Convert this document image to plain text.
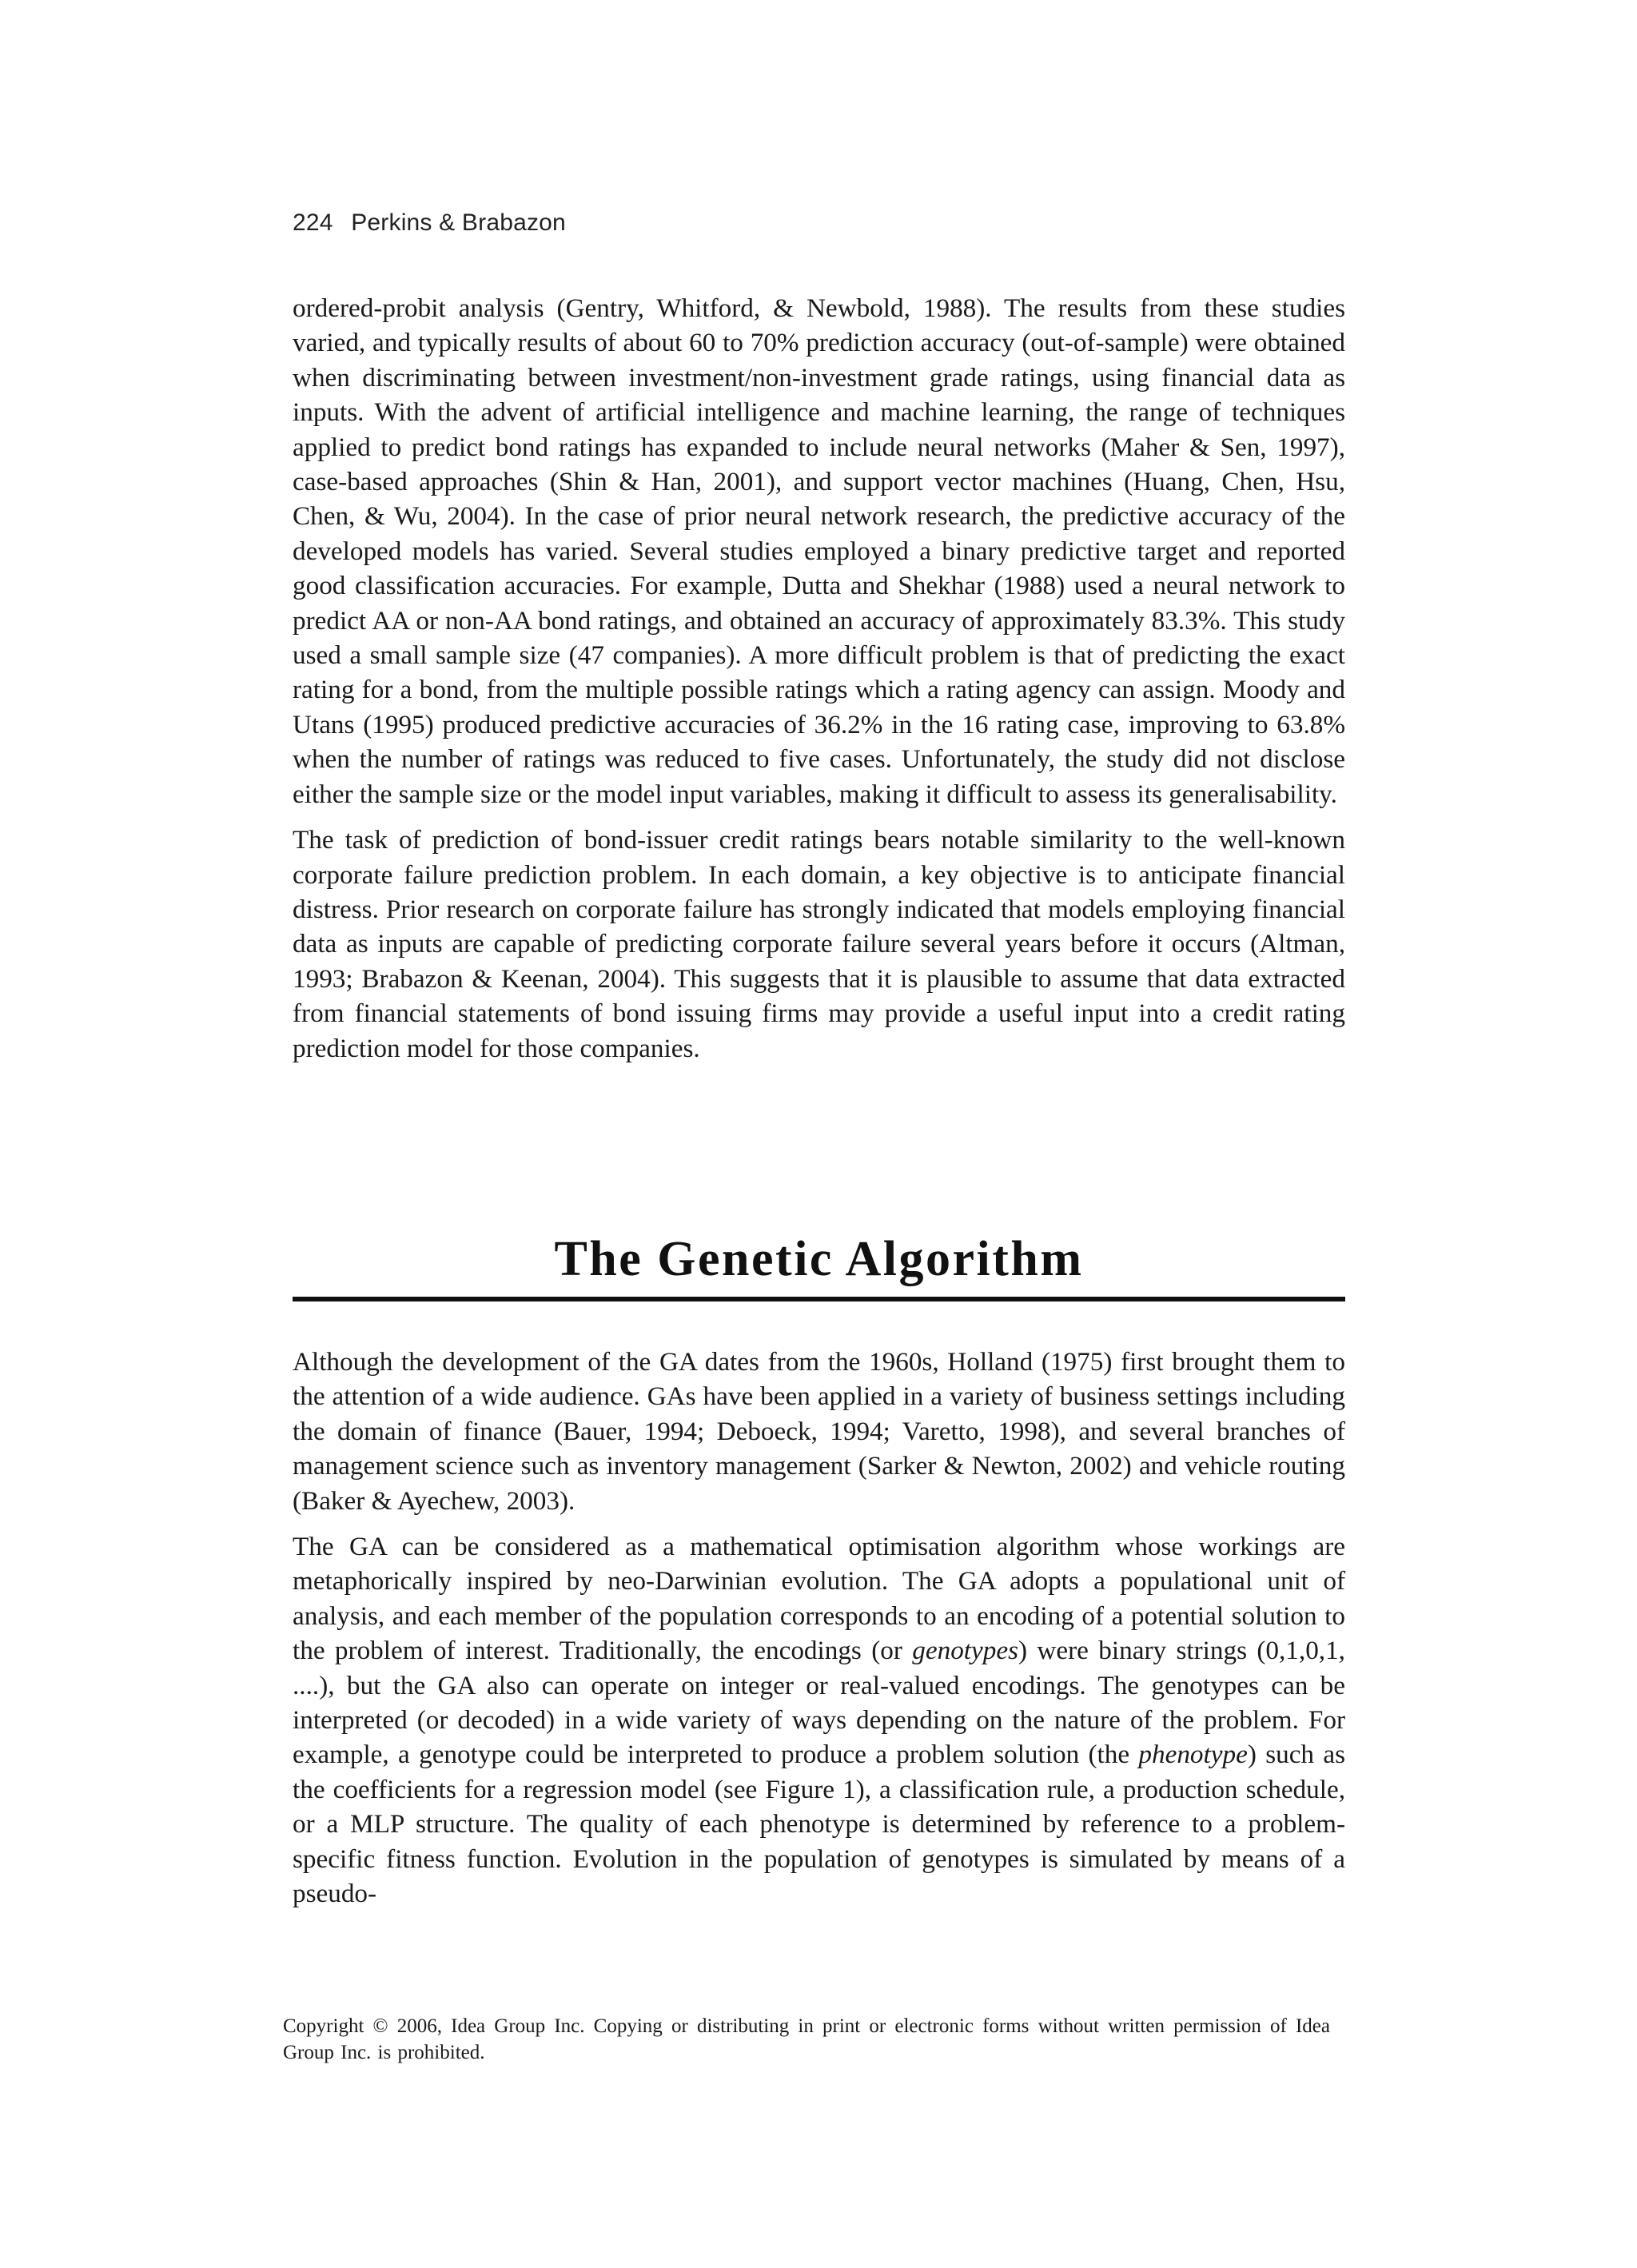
224 Perkins & Brabazon

ordered-probit analysis (Gentry, Whitford, & Newbold, 1988). The results from these studies varied, and typically results of about 60 to 70% prediction accuracy (out-of-sample) were obtained when discriminating between investment/non-investment grade ratings, using financial data as inputs. With the advent of artificial intelligence and machine learning, the range of techniques applied to predict bond ratings has expanded to include neural networks (Maher & Sen, 1997), case-based approaches (Shin & Han, 2001), and support vector machines (Huang, Chen, Hsu, Chen, & Wu, 2004). In the case of prior neural network research, the predictive accuracy of the developed models has varied. Several studies employed a binary predictive target and reported good classification accuracies. For example, Dutta and Shekhar (1988) used a neural network to predict AA or non-AA bond ratings, and obtained an accuracy of approximately 83.3%. This study used a small sample size (47 companies). A more difficult problem is that of predicting the exact rating for a bond, from the multiple possible ratings which a rating agency can assign. Moody and Utans (1995) produced predictive accuracies of 36.2% in the 16 rating case, improving to 63.8% when the number of ratings was reduced to five cases. Unfortunately, the study did not disclose either the sample size or the model input variables, making it difficult to assess its generalisability.

The task of prediction of bond-issuer credit ratings bears notable similarity to the well-known corporate failure prediction problem. In each domain, a key objective is to anticipate financial distress. Prior research on corporate failure has strongly indicated that models employing financial data as inputs are capable of predicting corporate failure several years before it occurs (Altman, 1993; Brabazon & Keenan, 2004). This suggests that it is plausible to assume that data extracted from financial statements of bond issuing firms may provide a useful input into a credit rating prediction model for those companies.

The Genetic Algorithm

Although the development of the GA dates from the 1960s, Holland (1975) first brought them to the attention of a wide audience. GAs have been applied in a variety of business settings including the domain of finance (Bauer, 1994; Deboeck, 1994; Varetto, 1998), and several branches of management science such as inventory management (Sarker & Newton, 2002) and vehicle routing (Baker & Ayechew, 2003).

The GA can be considered as a mathematical optimisation algorithm whose workings are metaphorically inspired by neo-Darwinian evolution. The GA adopts a populational unit of analysis, and each member of the population corresponds to an encoding of a potential solution to the problem of interest. Traditionally, the encodings (or genotypes) were binary strings (0,1,0,1, ....), but the GA also can operate on integer or real-valued encodings. The genotypes can be interpreted (or decoded) in a wide variety of ways depending on the nature of the problem. For example, a genotype could be interpreted to produce a problem solution (the phenotype) such as the coefficients for a regression model (see Figure 1), a classification rule, a production schedule, or a MLP structure. The quality of each phenotype is determined by reference to a problem-specific fitness function. Evolution in the population of genotypes is simulated by means of a pseudo-

Copyright © 2006, Idea Group Inc. Copying or distributing in print or electronic forms without written permission of Idea Group Inc. is prohibited.
